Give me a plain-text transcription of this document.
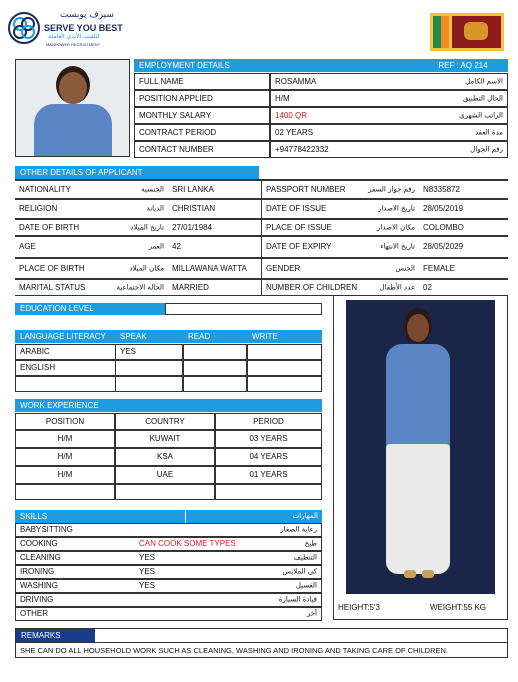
سيرف يوبست
SERVE YOU BEST
لتلقيب الأيدي العاملة
MANPOWER RECRUITMENT
EMPLOYMENT DETAILS	REF : AQ 214
FULL NAME	ROSAMMA	الاسم الكامل
POSITION APPLIED	H/M	الحال التطبيق
MONTHLY SALARY	1400 QR	الراتب الشهري
CONTRACT PERIOD	02 YEARS	مدة العقد
CONTACT NUMBER	+94778422332	رقم الجوال
OTHER DETAILS OF APPLICANT
NATIONALITY	الجنسية	SRI LANKA	PASSPORT NUMBER	رقم جواز السفر	N8335872
RELIGION	الديانة	CHRISTIAN	DATE OF ISSUE	تاريخ الاصدار	28/05/2019
DATE OF BIRTH	تاريخ الميلاد	27/01/1984	PLACE OF ISSUE	مكان الاصدار	COLOMBO
AGE	العمر	42	DATE OF EXPIRY	تاريخ الانتهاء	28/05/2029
PLACE OF BIRTH	مكان الميلاد	MILLAWANA WATTA	GENDER	الجنس	FEMALE
MARITAL STATUS	الحالة الاجتماعية	MARRIED	NUMBER OF CHILDREN	عدد الأطفال	02
EDUCATION LEVEL
LANGUAGE LITERACY	SPEAK	READ	WRITE
ARABIC	YES
ENGLISH
WORK EXPERIENCE
POSITION	COUNTRY	PERIOD
H/M	KUWAIT	03 YEARS
H/M	KSA	04 YEARS
H/M	UAE	01 YEARS
SKILLS	المهارات
BABYSITTING	رعاية الصغار
COOKING	CAN COOK SOME TYPES	طبخ
CLEANING	YES	التنظيف
IRONING	YES	كي الملابس
WASHING	YES	الغسيل
DRIVING	قيادة السيارة
OTHER	آخر
HEIGHT:5'3	WEIGHT:55 KG
REMARKS
SHE CAN DO ALL HOUSEHOLD WORK SUCH AS CLEANING, WASHING AND IRONING AND TAKING CARE OF CHILDREN.
